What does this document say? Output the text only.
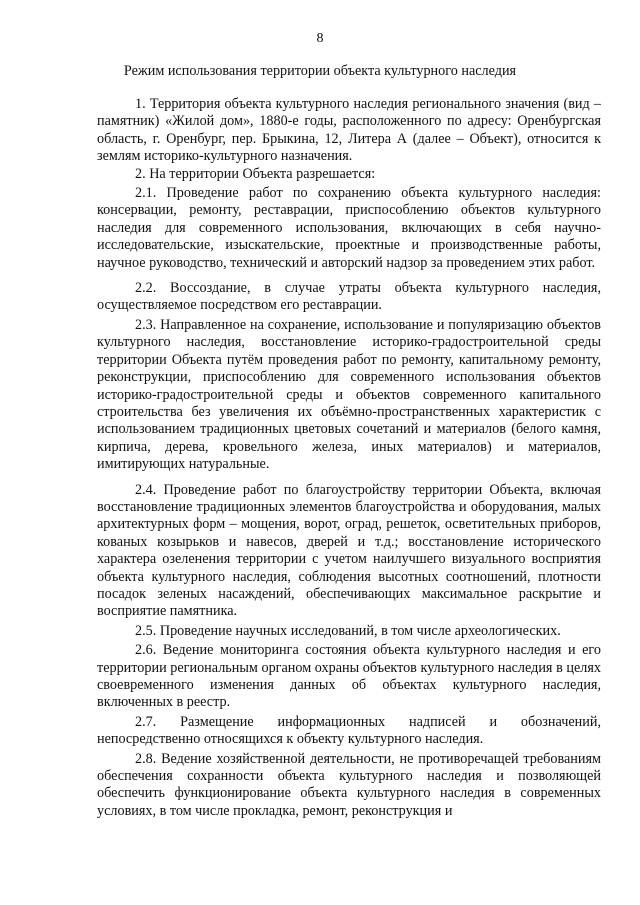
8
Режим использования территории объекта культурного наследия

1. Территория объекта культурного наследия регионального значения (вид – памятник) «Жилой дом», 1880-е годы, расположенного по адресу: Оренбургская область, г. Оренбург, пер. Брыкина, 12, Литера А (далее – Объект), относится к землям историко-культурного назначения.

2. На территории Объекта разрешается:

2.1. Проведение работ по сохранению объекта культурного наследия: консервации, ремонту, реставрации, приспособлению объектов культурного наследия для современного использования, включающих в себя научно-исследовательские, изыскательские, проектные и производственные работы, научное руководство, технический и авторский надзор за проведением этих работ.

2.2. Воссоздание, в случае утраты объекта культурного наследия, осуществляемое посредством его реставрации.

2.3. Направленное на сохранение, использование и популяризацию объектов культурного наследия, восстановление историко-градостроительной среды территории Объекта путём проведения работ по ремонту, капитальному ремонту, реконструкции, приспособлению для современного использования объектов историко-градостроительной среды и объектов современного капитального строительства без увеличения их объёмно-пространственных характеристик с использованием традиционных цветовых сочетаний и материалов (белого камня, кирпича, дерева, кровельного железа, иных материалов) и материалов, имитирующих натуральные.

2.4. Проведение работ по благоустройству территории Объекта, включая восстановление традиционных элементов благоустройства и оборудования, малых архитектурных форм – мощения, ворот, оград, решеток, осветительных приборов, кованых козырьков и навесов, дверей и т.д.; восстановление исторического характера озеленения территории с учетом наилучшего визуального восприятия объекта культурного наследия, соблюдения высотных соотношений, плотности посадок зеленых насаждений, обеспечивающих максимальное раскрытие и восприятие памятника.

2.5. Проведение научных исследований, в том числе археологических.

2.6. Ведение мониторинга состояния объекта культурного наследия и его территории региональным органом охраны объектов культурного наследия в целях своевременного изменения данных об объектах культурного наследия, включенных в реестр.

2.7. Размещение информационных надписей и обозначений, непосредственно относящихся к объекту культурного наследия.

2.8. Ведение хозяйственной деятельности, не противоречащей требованиям обеспечения сохранности объекта культурного наследия и позволяющей обеспечить функционирование объекта культурного наследия в современных условиях, в том числе прокладка, ремонт, реконструкция и
